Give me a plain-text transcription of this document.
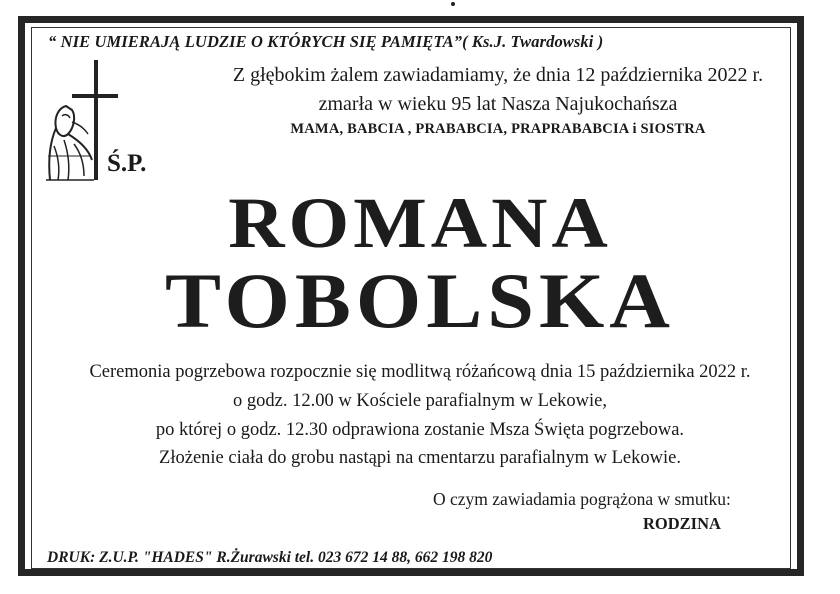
“ NIE UMIERAJĄ LUDZIE O KTÓRYCH SIĘ PAMIĘTA”( Ks.J. Twardowski )
Ś.P.
Z głębokim żalem zawiadamiamy, że dnia 12 października 2022 r.
zmarła w wieku 95 lat Nasza Najukochańsza
MAMA, BABCIA , PRABABCIA, PRAPRABABCIA i SIOSTRA
ROMANA
TOBOLSKA
Ceremonia pogrzebowa rozpocznie się modlitwą różańcową dnia 15 października 2022 r.
o godz. 12.00 w Kościele parafialnym w Lekowie,
po której o godz. 12.30 odprawiona zostanie Msza Święta pogrzebowa.
Złożenie ciała do grobu nastąpi na cmentarzu parafialnym w Lekowie.
O czym zawiadamia pogrążona w smutku:
RODZINA
DRUK: Z.U.P. "HADES" R.Żurawski tel. 023 672 14 88, 662 198 820
